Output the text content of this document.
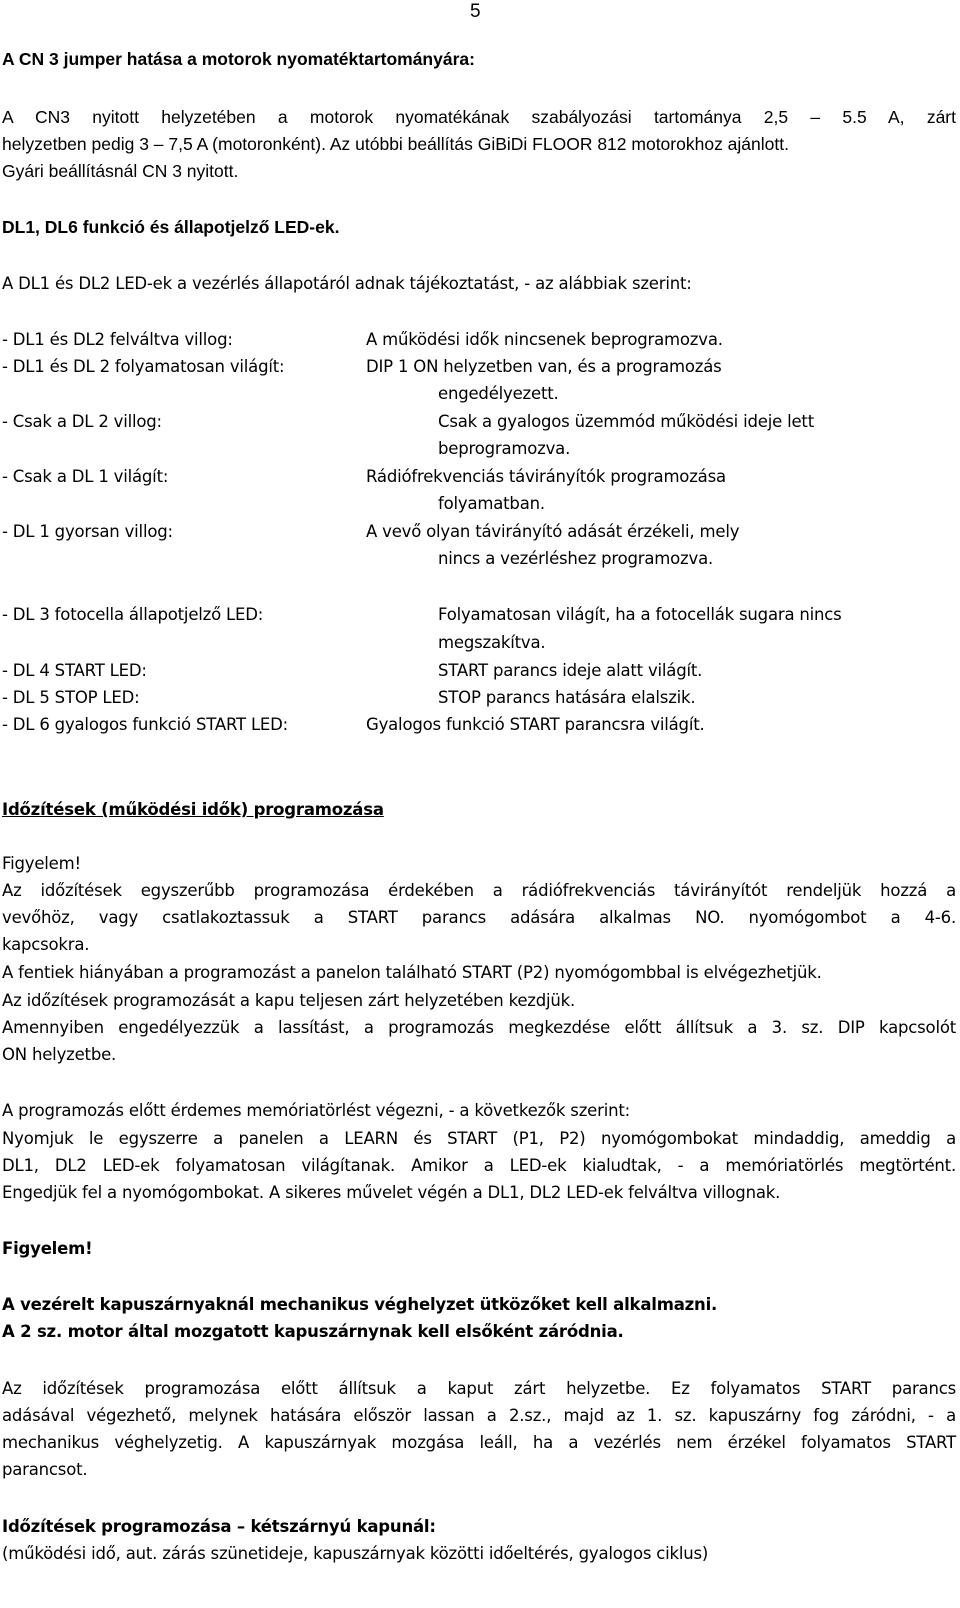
5
A CN 3 jumper hatása a motorok nyomatéktartományára:
A CN3 nyitott helyzetében a motorok nyomatékának szabályozási tartománya 2,5 – 5.5 A, zárt
helyzetben pedig 3 – 7,5 A (motoronként). Az utóbbi beállítás GiBiDi FLOOR 812 motorokhoz ajánlott.
Gyári beállításnál CN 3 nyitott.
DL1, DL6 funkció és állapotjelző LED-ek.
A DL1 és DL2 LED-ek a vezérlés állapotáról adnak tájékoztatást, - az alábbiak szerint:
- DL1 és DL2 felváltva villog:	A működési idők nincsenek beprogramozva.
- DL1 és DL 2 folyamatosan világít:	DIP 1 ON helyzetben van, és a programozás
engedélyezett.
- Csak a DL 2 villog:	Csak a gyalogos üzemmód működési ideje lett
beprogramozva.
- Csak a DL 1 világít:	Rádiófrekvenciás távirányítók programozása
folyamatban.
- DL 1 gyorsan villog:	A vevő olyan távirányító adását érzékeli, mely
nincs a vezérléshez programozva.
- DL 3 fotocella állapotjelző LED:	Folyamatosan világít, ha a fotocellák sugara nincs
megszakítva.
- DL 4 START LED:	START parancs ideje alatt világít.
- DL 5 STOP LED:	STOP parancs hatására elalszik.
- DL 6 gyalogos funkció START LED:	Gyalogos funkció START parancsra világít.
Időzítések (működési idők) programozása
Figyelem!
Az időzítések egyszerűbb programozása érdekében a rádiófrekvenciás távirányítót rendeljük hozzá a
vevőhöz, vagy csatlakoztassuk a START parancs adására alkalmas NO. nyomógombot a 4-6.
kapcsokra.
A fentiek hiányában a programozást a panelon található START (P2) nyomógombbal is elvégezhetjük.
Az időzítések programozását a kapu teljesen zárt helyzetében kezdjük.
Amennyiben engedélyezzük a lassítást, a programozás megkezdése előtt állítsuk a 3. sz. DIP kapcsolót
ON helyzetbe.
A programozás előtt érdemes memóriatörlést végezni, - a következők szerint:
Nyomjuk le egyszerre a panelen a LEARN és START (P1, P2) nyomógombokat mindaddig, ameddig a
DL1, DL2 LED-ek folyamatosan világítanak. Amikor a LED-ek kialudtak, - a memóriatörlés megtörtént.
Engedjük fel a nyomógombokat. A sikeres művelet végén a DL1, DL2 LED-ek felváltva villognak.
Figyelem!
A vezérelt kapuszárnyaknál mechanikus véghelyzet ütközőket kell alkalmazni.
A 2 sz. motor által mozgatott kapuszárnynak kell elsőként záródnia.
Az időzítések programozása előtt állítsuk a kaput zárt helyzetbe. Ez folyamatos START parancs
adásával végezhető, melynek hatására először lassan a 2.sz., majd az 1. sz. kapuszárny fog záródni, - a
mechanikus véghelyzetig. A kapuszárnyak mozgása leáll, ha a vezérlés nem érzékel folyamatos START
parancsot.
Időzítések programozása – kétszárnyú kapunál:
(működési idő, aut. zárás szünetideje, kapuszárnyak közötti időeltérés, gyalogos ciklus)
